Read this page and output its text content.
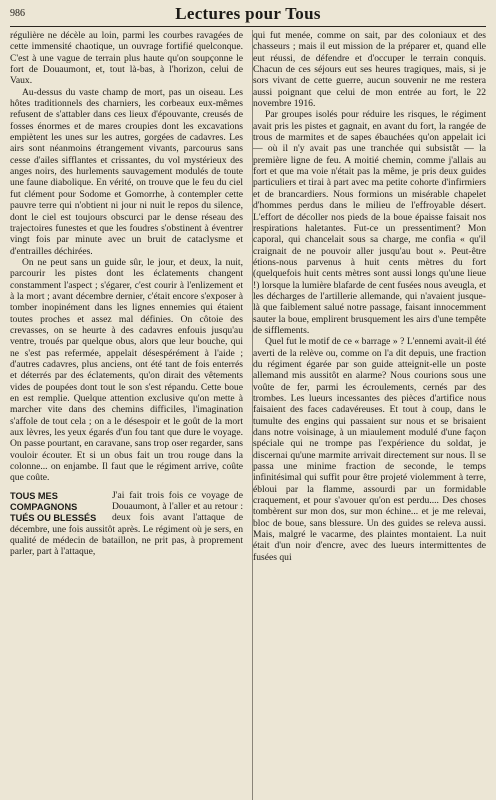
986	Lectures pour Tous

régulière ne décèle au loin, parmi les courbes ravagées de cette immensité chaotique, un ouvrage fortifié quelconque. C'est à une vague de terrain plus haute qu'on soupçonne le fort de Douaumont, et, tout là-bas, à l'horizon, celui de Vaux.

Au-dessus du vaste champ de mort, pas un oiseau. Les hôtes traditionnels des charniers, les corbeaux eux-mêmes refusent de s'attabler dans ces lieux d'épouvante, creusés de fosses énormes et de mares croupies dont les excavations empiètent les unes sur les autres, gorgées de cadavres. Les airs sont néanmoins étrangement vivants, parcourus sans cesse d'ailes sifflantes et crissantes, du vol mystérieux des anges noirs, des hurlements sauvagement modulés de toute une faune diabolique. En vérité, on trouve que le feu du ciel fut clément pour Sodome et Gomorrhe, à contempler cette pauvre terre qui n'obtient ni jour ni nuit le repos du silence, dont le ciel est toujours obscurci par le dense réseau des trajectoires funestes et que les foudres s'obstinent à éventrer vingt fois par minute avec un bruit de cataclysme et d'entrailles déchirées.

On ne peut sans un guide sûr, le jour, et deux, la nuit, parcourir les pistes dont les éclatements changent constamment l'aspect ; s'égarer, c'est courir à l'enlizement et à la mort ; avant décembre dernier, c'était encore s'exposer à tomber inopinément dans les lignes ennemies qui étaient toutes proches et assez mal définies. On côtoie des crevasses, on se heurte à des cadavres enfouis jusqu'au ventre, troués par quelque obus, alors que leur bouche, qui ne s'est pas refermée, appelait désespérément à l'aide ; d'autres cadavres, plus anciens, ont été tant de fois enterrés et déterrés par des éclatements, qu'on dirait des vêtements vides de poupées dont tout le son s'est répandu. Cette boue en est remplie. Quelque attention exclusive qu'on mette à marcher vite dans des chemins difficiles, l'imagination s'affole de tout cela ; on a le désespoir et le goût de la mort aux lèvres, les yeux égarés d'un fou tant que dure le voyage. On passe pourtant, en caravane, sans trop oser regarder, sans vouloir écouter. Et si un obus fait un trou rouge dans la colonne... on enjambe. Il faut que le régiment arrive, coûte que coûte.

TOUS MES
COMPAGNONS
TUÉS OU BLESSÉS

J'ai fait trois fois ce voyage de Douaumont, à l'aller et au retour : deux fois avant l'attaque de décembre, une fois aussitôt après. Le régiment où je sers, en qualité de médecin de bataillon, ne prit pas, à proprement parler, part à l'attaque,

qui fut menée, comme on sait, par des coloniaux et des chasseurs ; mais il eut mission de la préparer et, quand elle eut réussi, de défendre et d'occuper le terrain conquis. Chacun de ces séjours eut ses heures tragiques, mais, si je sors vivant de cette guerre, aucun souvenir ne me restera aussi poignant que celui de mon entrée au fort, le 22 novembre 1916.

Par groupes isolés pour réduire les risques, le régiment avait pris les pistes et gagnait, en avant du fort, la rangée de trous de marmites et de sapes ébauchées qu'on appelait ici — où il n'y avait pas une tranchée qui subsistât — la première ligne de feu. A moitié chemin, comme j'allais au fort et que ma voie n'était pas la même, je pris deux guides particuliers et tirai à part avec ma petite cohorte d'infirmiers et de brancardiers. Nous formions un misérable chapelet d'hommes perdus dans le milieu de l'effroyable désert. L'effort de décoller nos pieds de la boue épaisse faisait nos respirations haletantes. Fut-ce un pressentiment? Mon caporal, qui chancelait sous sa charge, me confia « qu'il craignait de ne pouvoir aller jusqu'au bout ». Peut-être étions-nous parvenus à huit cents mètres du fort (quelquefois huit cents mètres sont aussi longs qu'une lieue !) lorsque la lumière blafarde de cent fusées nous aveugla, et les décharges de l'artillerie allemande, qui n'avaient jusque-là que faiblement salué notre passage, faisant innocemment sauter la boue, emplirent brusquement les airs d'une tempête de sifflements.

Quel fut le motif de ce « barrage » ? L'ennemi avait-il été averti de la relève ou, comme on l'a dit depuis, une fraction du régiment égarée par son guide atteignit-elle un poste allemand mis aussitôt en alarme? Nous courions sous une voûte de fer, parmi les écroulements, cernés par des trombes. Les lueurs incessantes des pièces d'artifice nous faisaient des faces cadavéreuses. Et tout à coup, dans le tumulte des engins qui passaient sur nous et se brisaient dans notre voisinage, à un miaulement modulé d'une façon spéciale qui ne trompe pas l'expérience du soldat, je discernai qu'une marmite arrivait directement sur nous. Il se passa une minime fraction de seconde, le temps infinitésimal qui suffit pour être projeté violemment à terre, ébloui par la flamme, assourdi par un formidable craquement, et pour s'avouer qu'on est perdu.... Des choses tombèrent sur mon dos, sur mon échine... et je me relevai, bloc de boue, sans blessure. Un des guides se releva aussi. Mais, malgré le vacarme, des plaintes montaient. La nuit était d'un noir d'encre, avec des lueurs intermittentes de fusées qui
